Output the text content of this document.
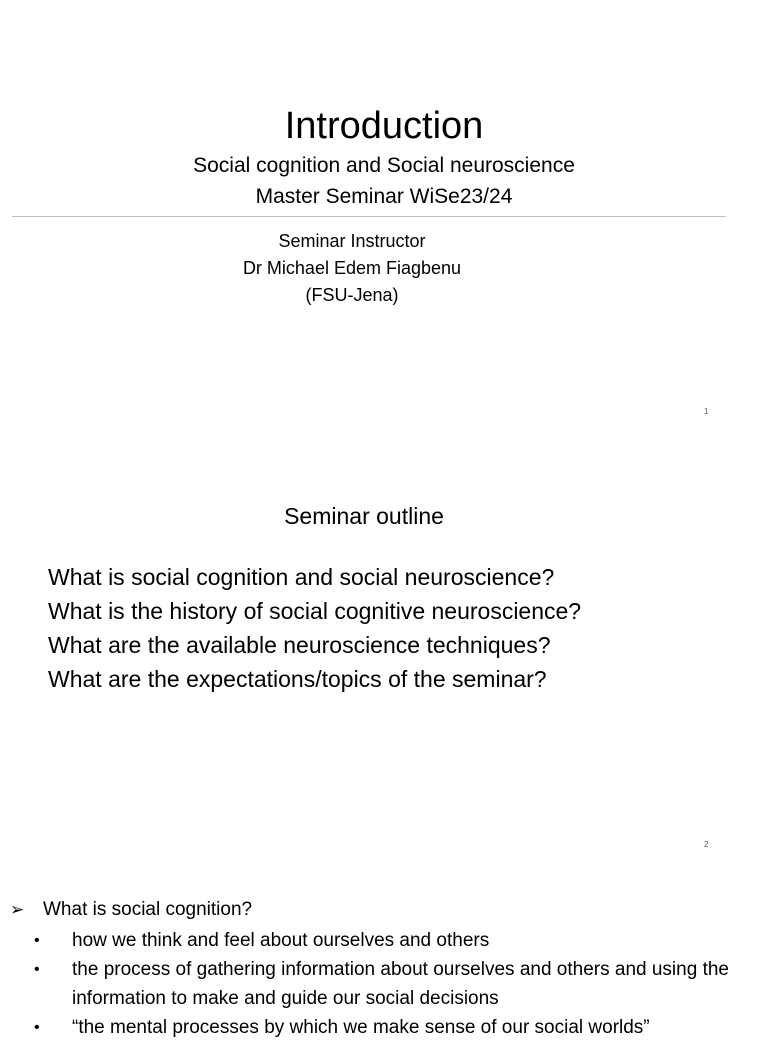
Introduction
Social cognition and Social neuroscience
Master Seminar WiSe23/24
Seminar Instructor
Dr Michael Edem Fiagbenu
(FSU-Jena)
1
Seminar outline
What is social cognition and social neuroscience?
What is the history of social cognitive neuroscience?
What are the available neuroscience techniques?
What are the expectations/topics of the seminar?
2
➢ What is social cognition?
• how we think and feel about ourselves and others
• the process of gathering information about ourselves and others and using the information to make and guide our social decisions
• “the mental processes by which we make sense of our social worlds”
